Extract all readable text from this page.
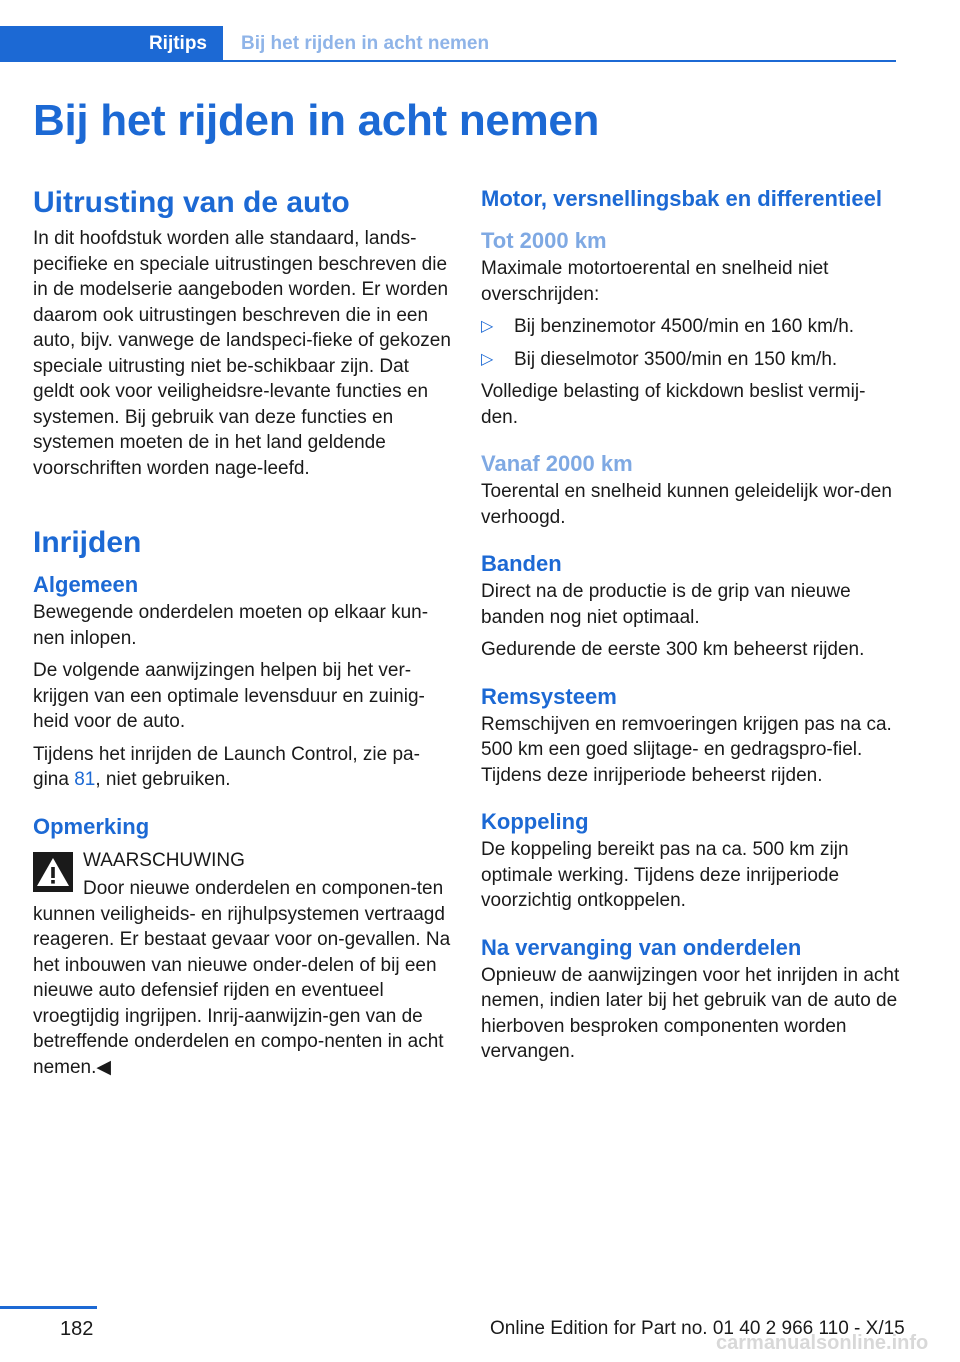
Rijtips Bij het rijden in acht nemen
Bij het rijden in acht nemen
Uitrusting van de auto

In dit hoofdstuk worden alle standaard, lands-pecifieke en speciale uitrustingen beschreven die in de modelserie aangeboden worden. Er worden daarom ook uitrustingen beschreven die in een auto, bijv. vanwege de landspeci-fieke of gekozen speciale uitrusting niet be-schikbaar zijn. Dat geldt ook voor veiligheidsre-levante functies en systemen. Bij gebruik van deze functies en systemen moeten de in het land geldende voorschriften worden nage-leefd.

Inrijden
Algemeen

Bewegende onderdelen moeten op elkaar kun-nen inlopen.

De volgende aanwijzingen helpen bij het ver-krijgen van een optimale levensduur en zuinig-heid voor de auto.

Tijdens het inrijden de Launch Control, zie pa-gina 81, niet gebruiken.

Opmerking

WAARSCHUWING

Door nieuwe onderdelen en componen-ten kunnen veiligheids- en rijhulpsystemen vertraagd reageren. Er bestaat gevaar voor on-gevallen. Na het inbouwen van nieuwe onder-delen of bij een nieuwe auto defensief rijden en eventueel vroegtijdig ingrijpen. Inrij-aanwijzin-gen van de betreffende onderdelen en compo-nenten in acht nemen.◀

Motor, versnellingsbak en differentieel
Tot 2000 km

Maximale motortoerental en snelheid niet overschrijden:

▷ Bij benzinemotor 4500/min en 160 km/h.
▷ Bij dieselmotor 3500/min en 150 km/h.

Volledige belasting of kickdown beslist vermij-den.

Vanaf 2000 km

Toerental en snelheid kunnen geleidelijk wor-den verhoogd.

Banden

Direct na de productie is de grip van nieuwe banden nog niet optimaal.

Gedurende de eerste 300 km beheerst rijden.

Remsysteem

Remschijven en remvoeringen krijgen pas na ca. 500 km een goed slijtage- en gedragspro-fiel. Tijdens deze inrijperiode beheerst rijden.

Koppeling

De koppeling bereikt pas na ca. 500 km zijn optimale werking. Tijdens deze inrijperiode voorzichtig ontkoppelen.

Na vervanging van onderdelen

Opnieuw de aanwijzingen voor het inrijden in acht nemen, indien later bij het gebruik van de auto de hierboven besproken componenten worden vervangen.

182	Online Edition for Part no. 01 40 2 966 110 - X/15
carmanualsonline.info
